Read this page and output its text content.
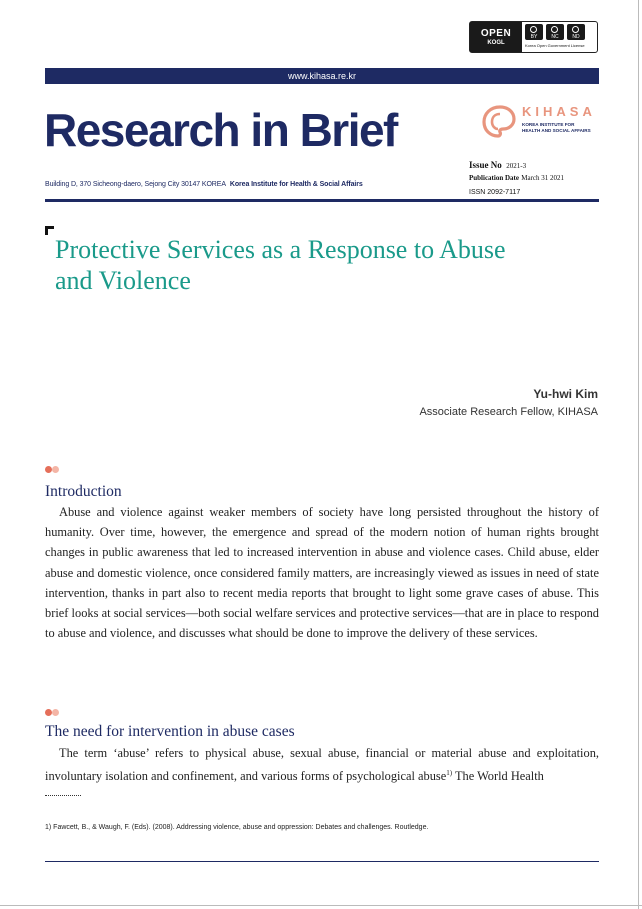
OPEN
KOGL
BY	NC	ND
Korea Open Government License
www.kihasa.re.kr
Research in Brief	KIHASA
KOREA INSTITUTE FOR
HEALTH AND SOCIAL AFFAIRS
Building D, 370 Sicheong-daero, Sejong City 30147 KOREA Korea Institute for Health & Social Affairs
Issue No 2021-3
Publication Date March 31 2021
ISSN 2092-7117
Protective Services as a Response to Abuse
and Violence
Yu-hwi Kim
Associate Research Fellow, KIHASA
Introduction
Abuse and violence against weaker members of society have long persisted throughout the history of humanity. Over time, however, the emergence and spread of the modern notion of human rights brought changes in public awareness that led to increased intervention in abuse and violence cases. Child abuse, elder abuse and domestic violence, once considered family matters, are increasingly viewed as issues in need of state intervention, thanks in part also to recent media reports that brought to light some grave cases of abuse. This brief looks at social services—both social welfare services and protective services—that are in place to respond to abuse and violence, and discusses what should be done to improve the delivery of these services.
The need for intervention in abuse cases
The term ‘abuse’ refers to physical abuse, sexual abuse, financial or material abuse and exploitation, involuntary isolation and confinement, and various forms of psychological abuse$^{1)}$ The World Health
1) Fawcett, B., & Waugh, F. (Eds). (2008). Addressing violence, abuse and oppression: Debates and challenges. Routledge.
